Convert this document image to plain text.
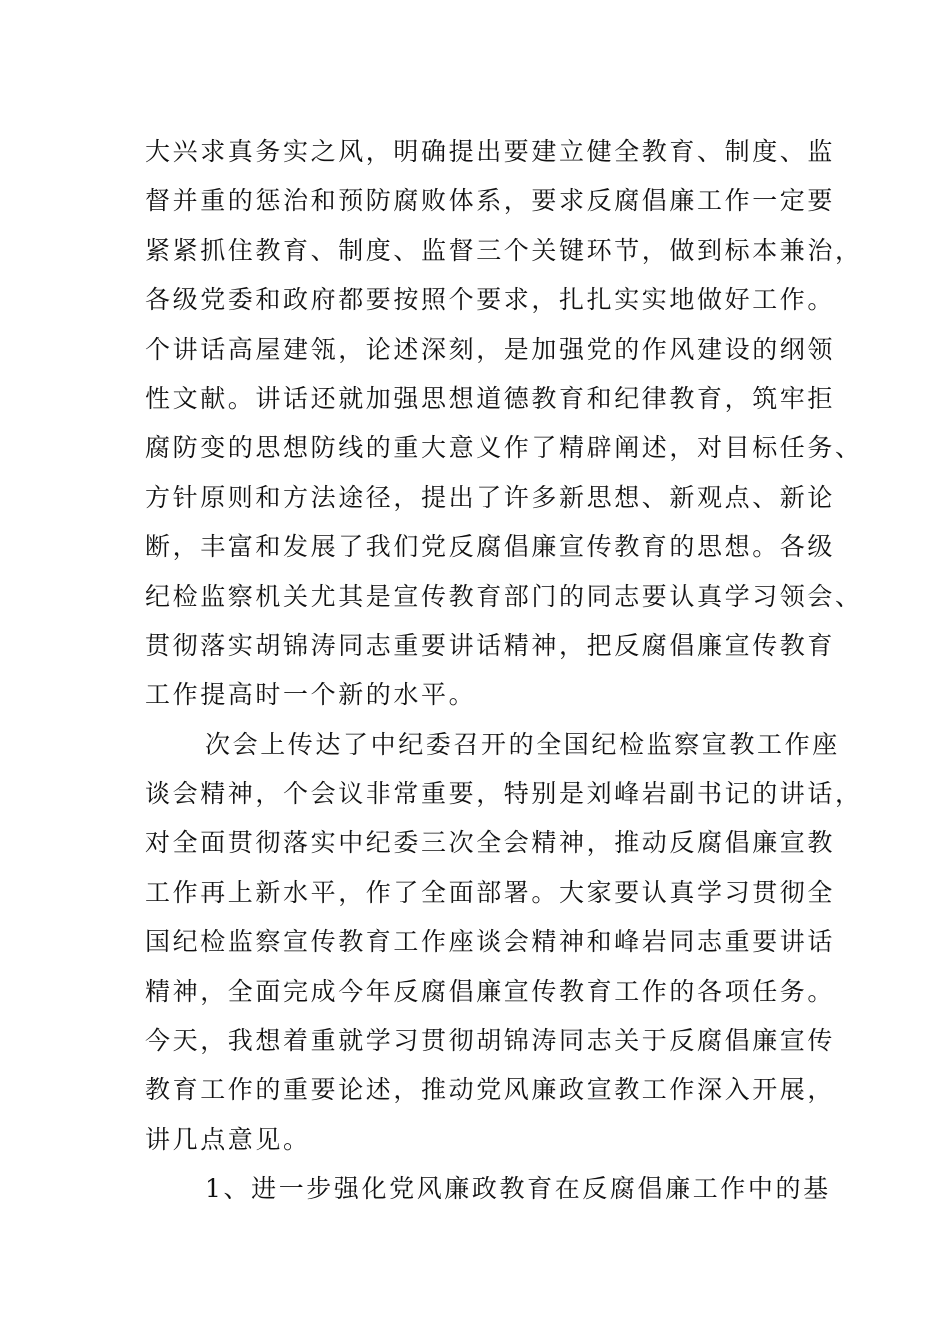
大兴求真务实之风，明确提出要建立健全教育、制度、监
督并重的惩治和预防腐败体系，要求反腐倡廉工作一定要
紧紧抓住教育、制度、监督三个关键环节，做到标本兼治，
各级党委和政府都要按照个要求，扎扎实实地做好工作。
个讲话高屋建瓴，论述深刻，是加强党的作风建设的纲领
性文献。讲话还就加强思想道德教育和纪律教育，筑牢拒
腐防变的思想防线的重大意义作了精辟阐述，对目标任务、
方针原则和方法途径，提出了许多新思想、新观点、新论
断，丰富和发展了我们党反腐倡廉宣传教育的思想。各级
纪检监察机关尤其是宣传教育部门的同志要认真学习领会、
贯彻落实胡锦涛同志重要讲话精神，把反腐倡廉宣传教育
工作提高时一个新的水平。
次会上传达了中纪委召开的全国纪检监察宣教工作座
谈会精神，个会议非常重要，特别是刘峰岩副书记的讲话，
对全面贯彻落实中纪委三次全会精神，推动反腐倡廉宣教
工作再上新水平，作了全面部署。大家要认真学习贯彻全
国纪检监察宣传教育工作座谈会精神和峰岩同志重要讲话
精神，全面完成今年反腐倡廉宣传教育工作的各项任务。
今天，我想着重就学习贯彻胡锦涛同志关于反腐倡廉宣传
教育工作的重要论述，推动党风廉政宣教工作深入开展，
讲几点意见。
1、进一步强化党风廉政教育在反腐倡廉工作中的基
